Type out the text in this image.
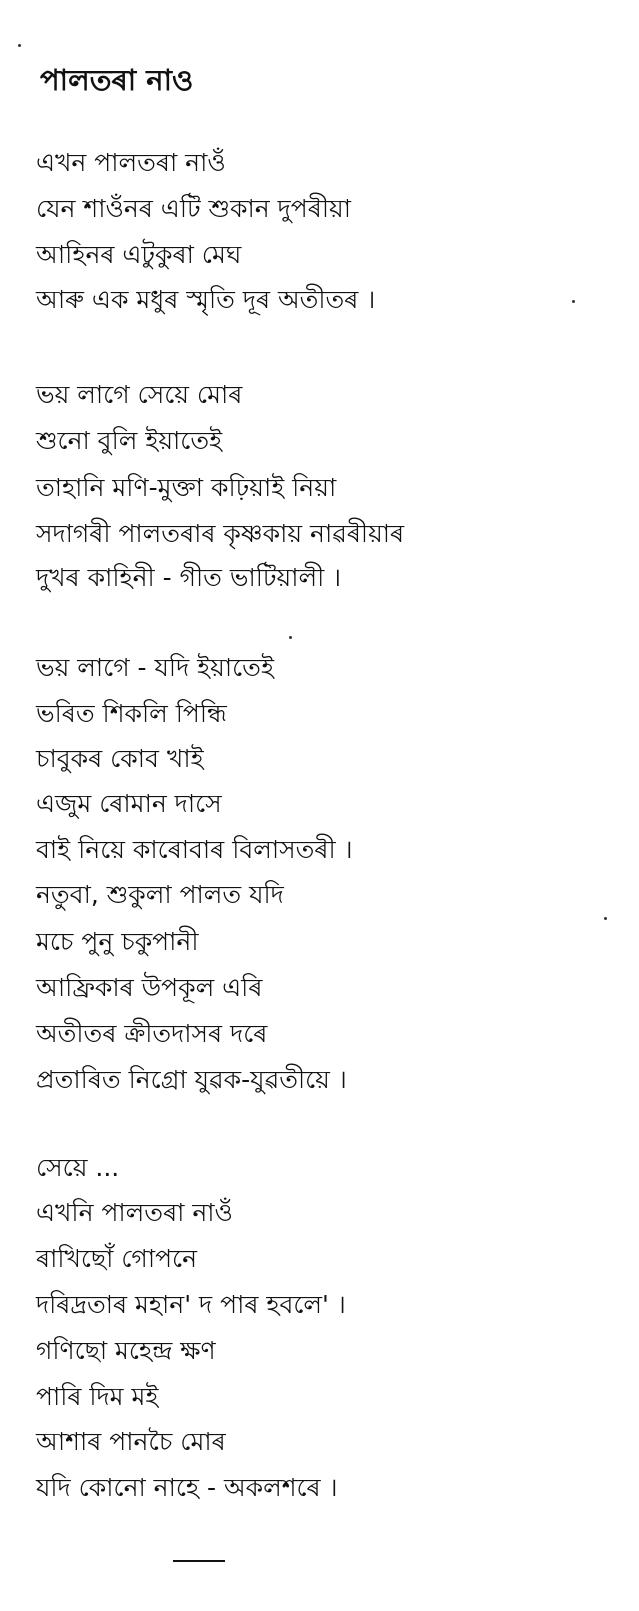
পালতৰা নাও
এখন পালতৰা নাওঁ
যেন শাওঁনৰ এটি শুকান দুপৰীয়া
আহিনৰ এটুকুৰা মেঘ
আৰু এক মধুৰ স্মৃতি দূৰ অতীতৰ ।
ভয় লাগে সেয়ে মোৰ
শুনো বুলি ইয়াতেই
তাহানি মণি-মুক্তা কঢ়িয়াই নিয়া
সদাগৰী পালতৰাৰ কৃষ্ণকায় নাৱৰীয়াৰ
দুখৰ কাহিনী - গীত ভাটিয়ালী ।
ভয় লাগে - যদি ইয়াতেই
ভৰিত শিকলি পিন্ধি
চাবুকৰ কোব খাই
এজুম ৰোমান দাসে
বাই নিয়ে কাৰোবাৰ বিলাসতৰী ।
নতুবা, শুকুলা পালত যদি
মচে পুনু চকুপানী
আফ্রিকাৰ উপকূল এৰি
অতীতৰ ক্রীতদাসৰ দৰে
প্রতাৰিত নিগ্রো যুৱক-যুৱতীয়ে ।
সেয়ে ...
এখনি পালতৰা নাওঁ
ৰাখিছোঁ গোপনে
দৰিদ্রতাৰ মহান' দ পাৰ হবলে' ।
গণিছো মহেন্দ্র ক্ষণ
পাৰি দিম মই
আশাৰ পানচৈ মোৰ
যদি কোনো নাহে - অকলশৰে ।
